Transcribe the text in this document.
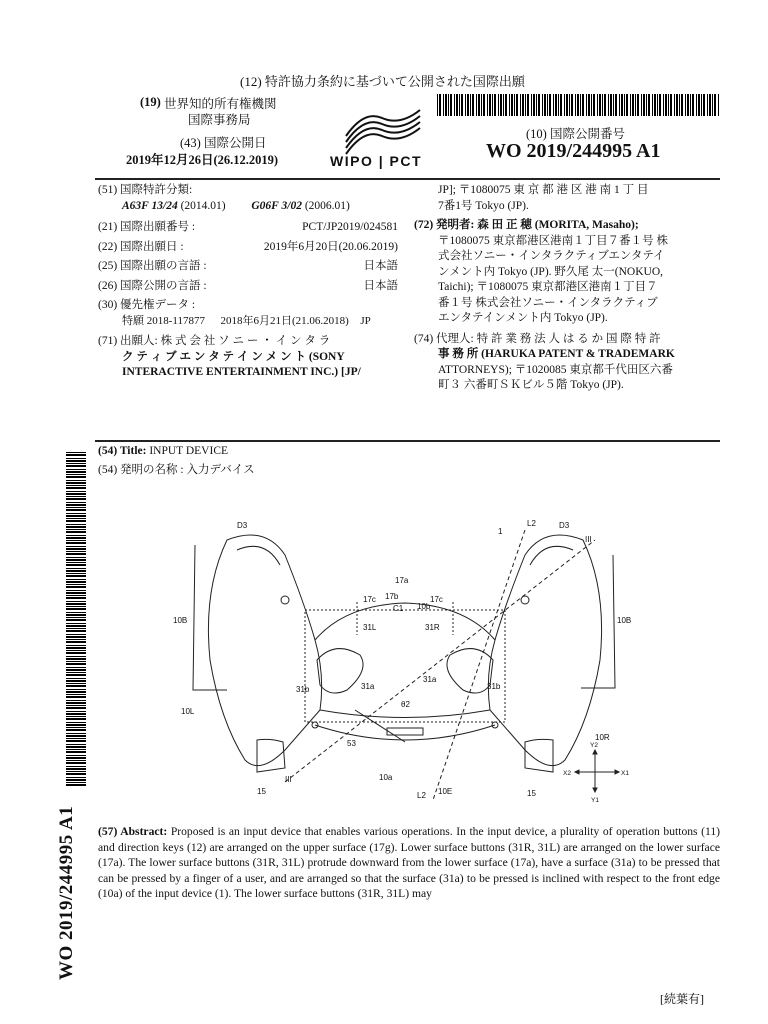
(12) 特許協力条約に基づいて公開された国際出願
(19) 世界知的所有権機関
国際事務局
(43) 国際公開日
2019年12月26日(26.12.2019)	WIPO | PCT
(10) 国際公開番号
WO 2019/244995 A1
(51) 国際特許分類:
A63F 13/24 (2014.01) G06F 3/02 (2006.01)
(21) 国際出願番号 :	PCT/JP2019/024581
(22) 国際出願日 :	2019年6月20日(20.06.2019)
(25) 国際出願の言語 :	日本語
(26) 国際公開の言語 :	日本語
(30) 優先権データ :
特願 2018-117877 2018年6月21日(21.06.2018) JP
(71) 出願人: 株 式 会 社 ソ ニ ー ・ イ ン タ ラ
ク テ ィ ブ エ ン タ テ イ ン メ ン ト (SONY
INTERACTIVE ENTERTAINMENT INC.) [JP/
JP]; 〒1080075 東 京 都 港 区 港 南 1 丁 目
7番1号 Tokyo (JP).
(72) 発明者: 森 田 正 穂 (MORITA, Masaho);
〒1080075 東京都港区港南１丁目７番１号 株
式会社ソニー・インタラクティブエンタテイ
ンメント内 Tokyo (JP). 野久尾 太一(NOKUO,
Taichi); 〒1080075 東京都港区港南１丁目７
番１号 株式会社ソニー・インタラクティブ
エンタテインメント内 Tokyo (JP).
(74) 代理人: 特 許 業 務 法 人 は る か 国 際 特 許
事 務 所 (HARUKA PATENT & TRADEMARK
ATTORNEYS); 〒1020085 東京都千代田区六番
町３ 六番町ＳＫビル５階 Tokyo (JP).
WO 2019/244995 A1
(54) Title: INPUT DEVICE
(54) 発明の名称 : 入力デバイス
D3	D3
1
L2
III
17a
17c 17b	17c
C1 10b
10B	10B
31L	31R
31a
31a
31b	31b
θ2
10L
10R
53
10a
10E
L2
III
15	15
Y2
X2	X1
Y1
(57) Abstract: Proposed is an input device that enables various operations. In the input device, a plurality of operation buttons (11) and direction keys (12) are arranged on the upper surface (17g). Lower surface buttons (31R, 31L) are arranged on the lower surface (17a). The lower surface buttons (31R, 31L) protrude downward from the lower surface (17a), have a surface (31a) to be pressed that can be pressed by a finger of a user, and are arranged so that the surface (31a) to be pressed is inclined with respect to the front edge (10a) of the input device (1). The lower surface buttons (31R, 31L) may
[続葉有]
